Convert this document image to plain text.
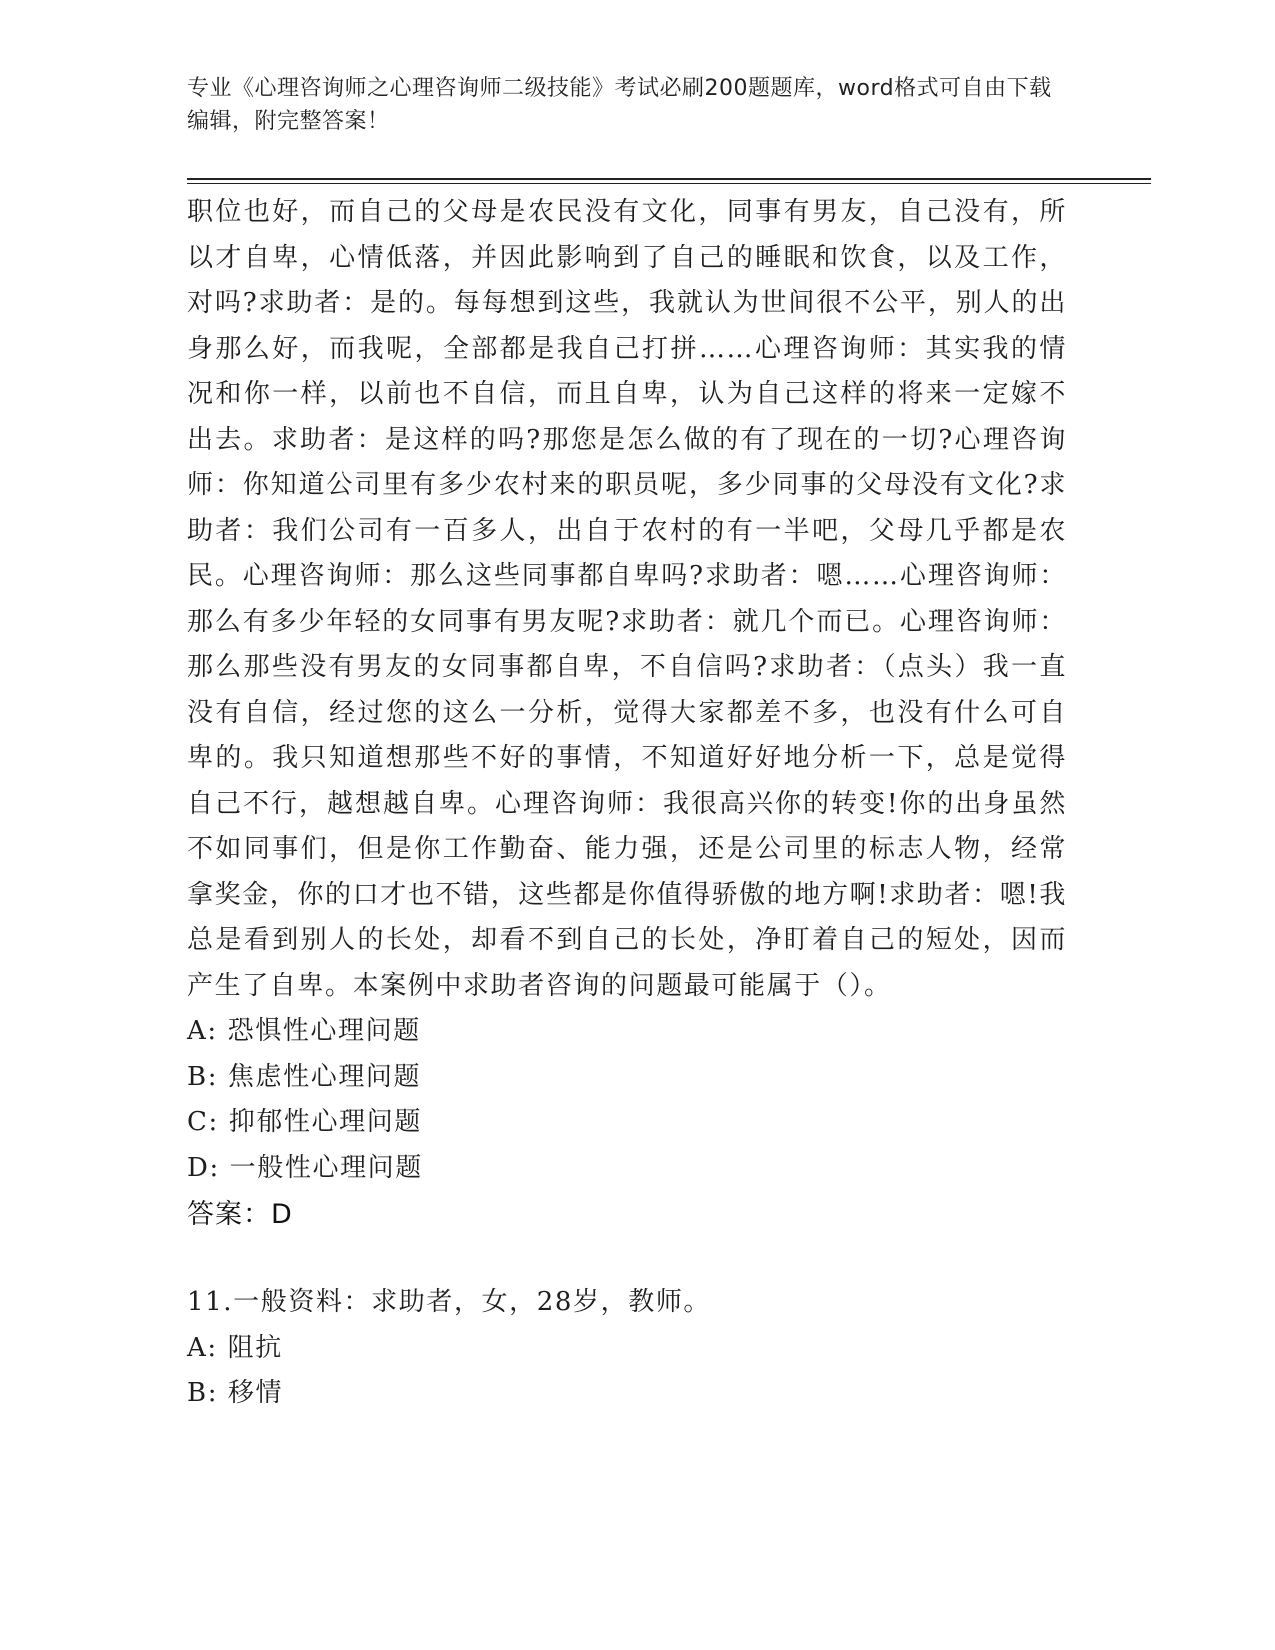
专业《心理咨询师之心理咨询师二级技能》考试必刷200题题库，word格式可自由下载编辑，附完整答案！

职位也好，而自己的父母是农民没有文化，同事有男友，自己没有，所以才自卑，心情低落，并因此影响到了自己的睡眠和饮食，以及工作，对吗?求助者：是的。每每想到这些，我就认为世间很不公平，别人的出身那么好，而我呢，全部都是我自己打拼……心理咨询师：其实我的情况和你一样，以前也不自信，而且自卑，认为自己这样的将来一定嫁不出去。求助者：是这样的吗?那您是怎么做的有了现在的一切?心理咨询师：你知道公司里有多少农村来的职员呢，多少同事的父母没有文化?求助者：我们公司有一百多人，出自于农村的有一半吧，父母几乎都是农民。心理咨询师：那么这些同事都自卑吗?求助者：嗯……心理咨询师：那么有多少年轻的女同事有男友呢?求助者：就几个而已。心理咨询师：那么那些没有男友的女同事都自卑，不自信吗?求助者：（点头）我一直没有自信，经过您的这么一分析，觉得大家都差不多，也没有什么可自卑的。我只知道想那些不好的事情，不知道好好地分析一下，总是觉得自己不行，越想越自卑。心理咨询师：我很高兴你的转变!你的出身虽然不如同事们，但是你工作勤奋、能力强，还是公司里的标志人物，经常拿奖金，你的口才也不错，这些都是你值得骄傲的地方啊!求助者：嗯!我总是看到别人的长处，却看不到自己的长处，净盯着自己的短处，因而产生了自卑。本案例中求助者咨询的问题最可能属于（）。

A: 恐惧性心理问题

B: 焦虑性心理问题

C: 抑郁性心理问题

D: 一般性心理问题

答案：D

11.一般资料：求助者，女，28岁，教师。

A: 阻抗

B: 移情
